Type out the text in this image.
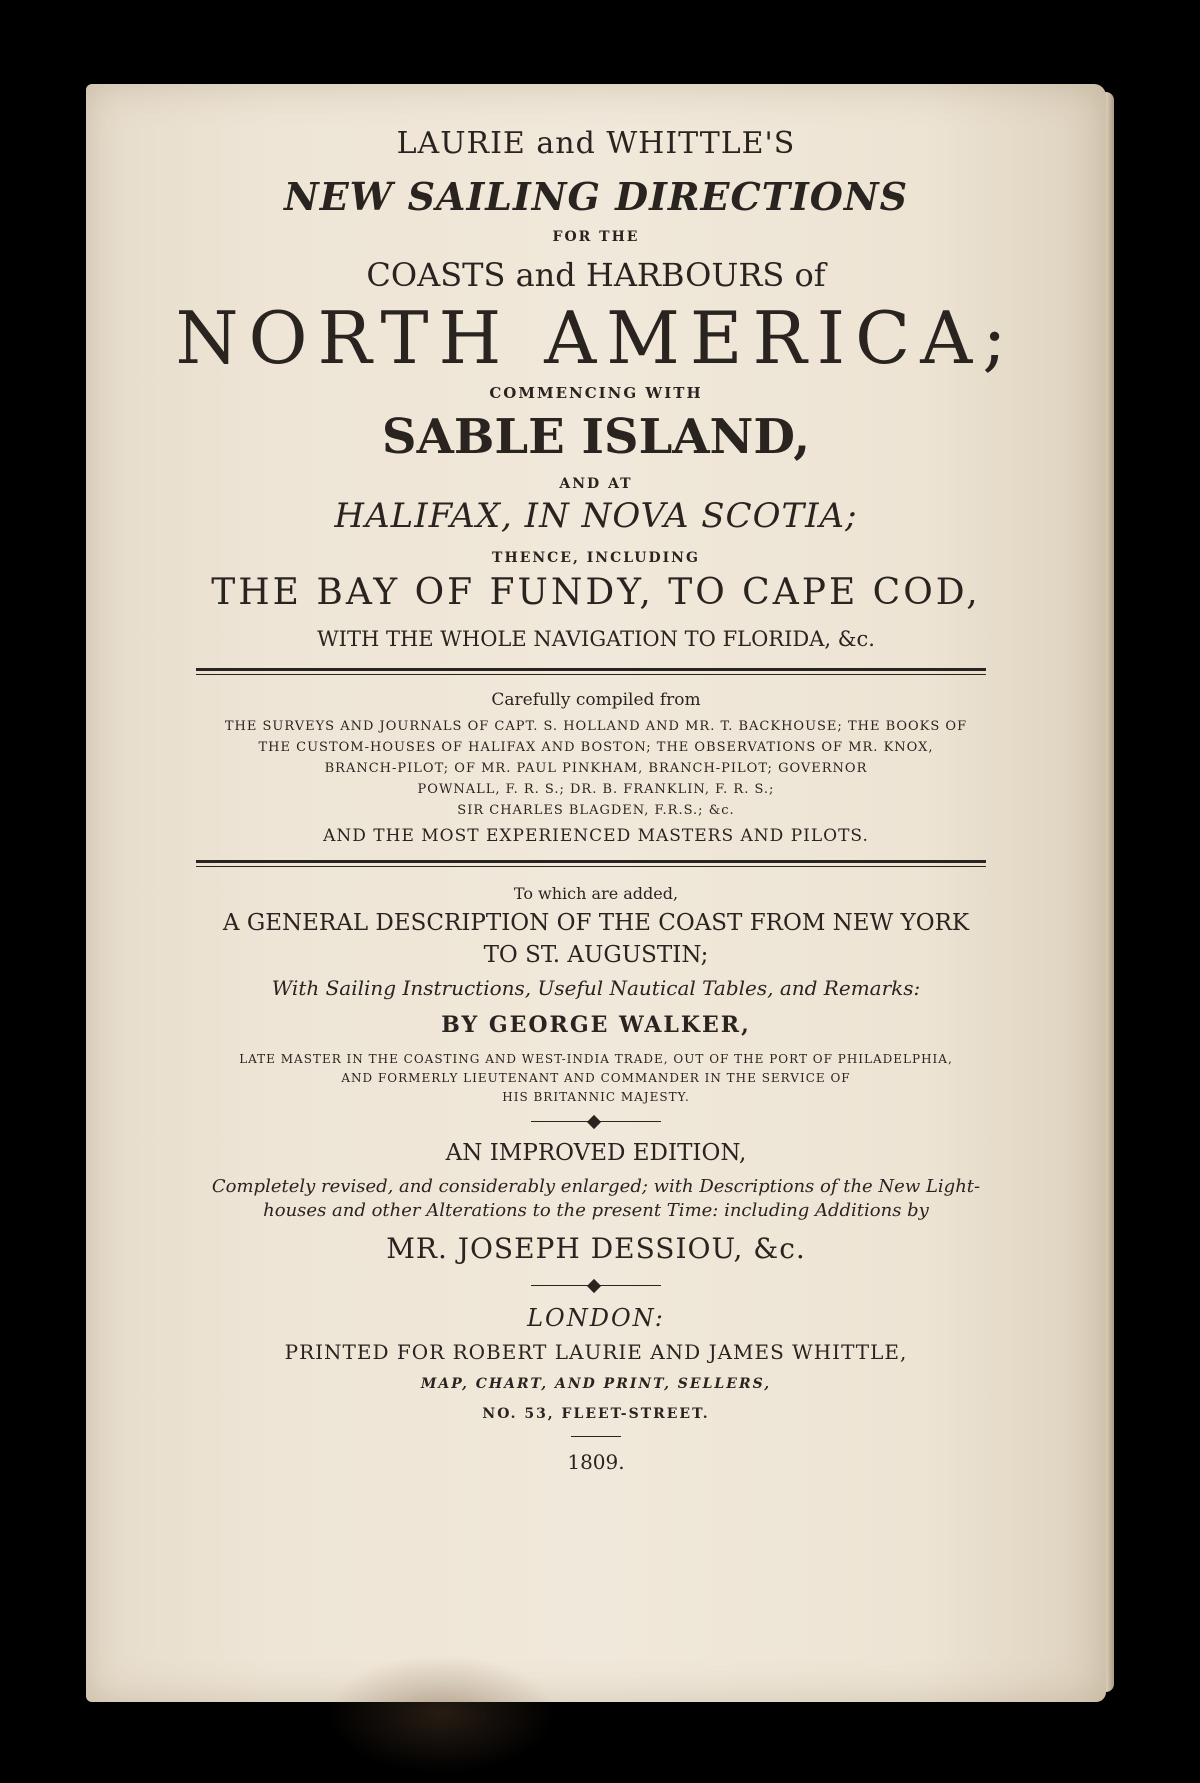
LAURIE and WHITTLE'S
NEW SAILING DIRECTIONS
FOR THE
COASTS and HARBOURS of
NORTH AMERICA;
COMMENCING WITH
SABLE ISLAND,
AND AT
HALIFAX, IN NOVA SCOTIA;
THENCE, INCLUDING
THE BAY OF FUNDY, TO CAPE COD,
WITH THE WHOLE NAVIGATION TO FLORIDA, &c.
Carefully compiled from
THE SURVEYS AND JOURNALS OF CAPT. S. HOLLAND AND MR. T. BACKHOUSE; THE BOOKS OF
THE CUSTOM-HOUSES OF HALIFAX AND BOSTON; THE OBSERVATIONS OF MR. KNOX,
BRANCH-PILOT; OF MR. PAUL PINKHAM, BRANCH-PILOT; GOVERNOR
POWNALL, F. R. S.; DR. B. FRANKLIN, F. R. S.;
SIR CHARLES BLAGDEN, F.R.S.; &c.
AND THE MOST EXPERIENCED MASTERS AND PILOTS.
To which are added,
A GENERAL DESCRIPTION OF THE COAST FROM NEW YORK
TO ST. AUGUSTIN;
With Sailing Instructions, Useful Nautical Tables, and Remarks:
BY GEORGE WALKER,
LATE MASTER IN THE COASTING AND WEST-INDIA TRADE, OUT OF THE PORT OF PHILADELPHIA,
AND FORMERLY LIEUTENANT AND COMMANDER IN THE SERVICE OF
HIS BRITANNIC MAJESTY.
AN IMPROVED EDITION,
Completely revised, and considerably enlarged; with Descriptions of the New Light-
houses and other Alterations to the present Time: including Additions by
MR. JOSEPH DESSIOU, &c.
LONDON:
PRINTED FOR ROBERT LAURIE AND JAMES WHITTLE,
MAP, CHART, AND PRINT, SELLERS,
NO. 53, FLEET-STREET.
1809.
